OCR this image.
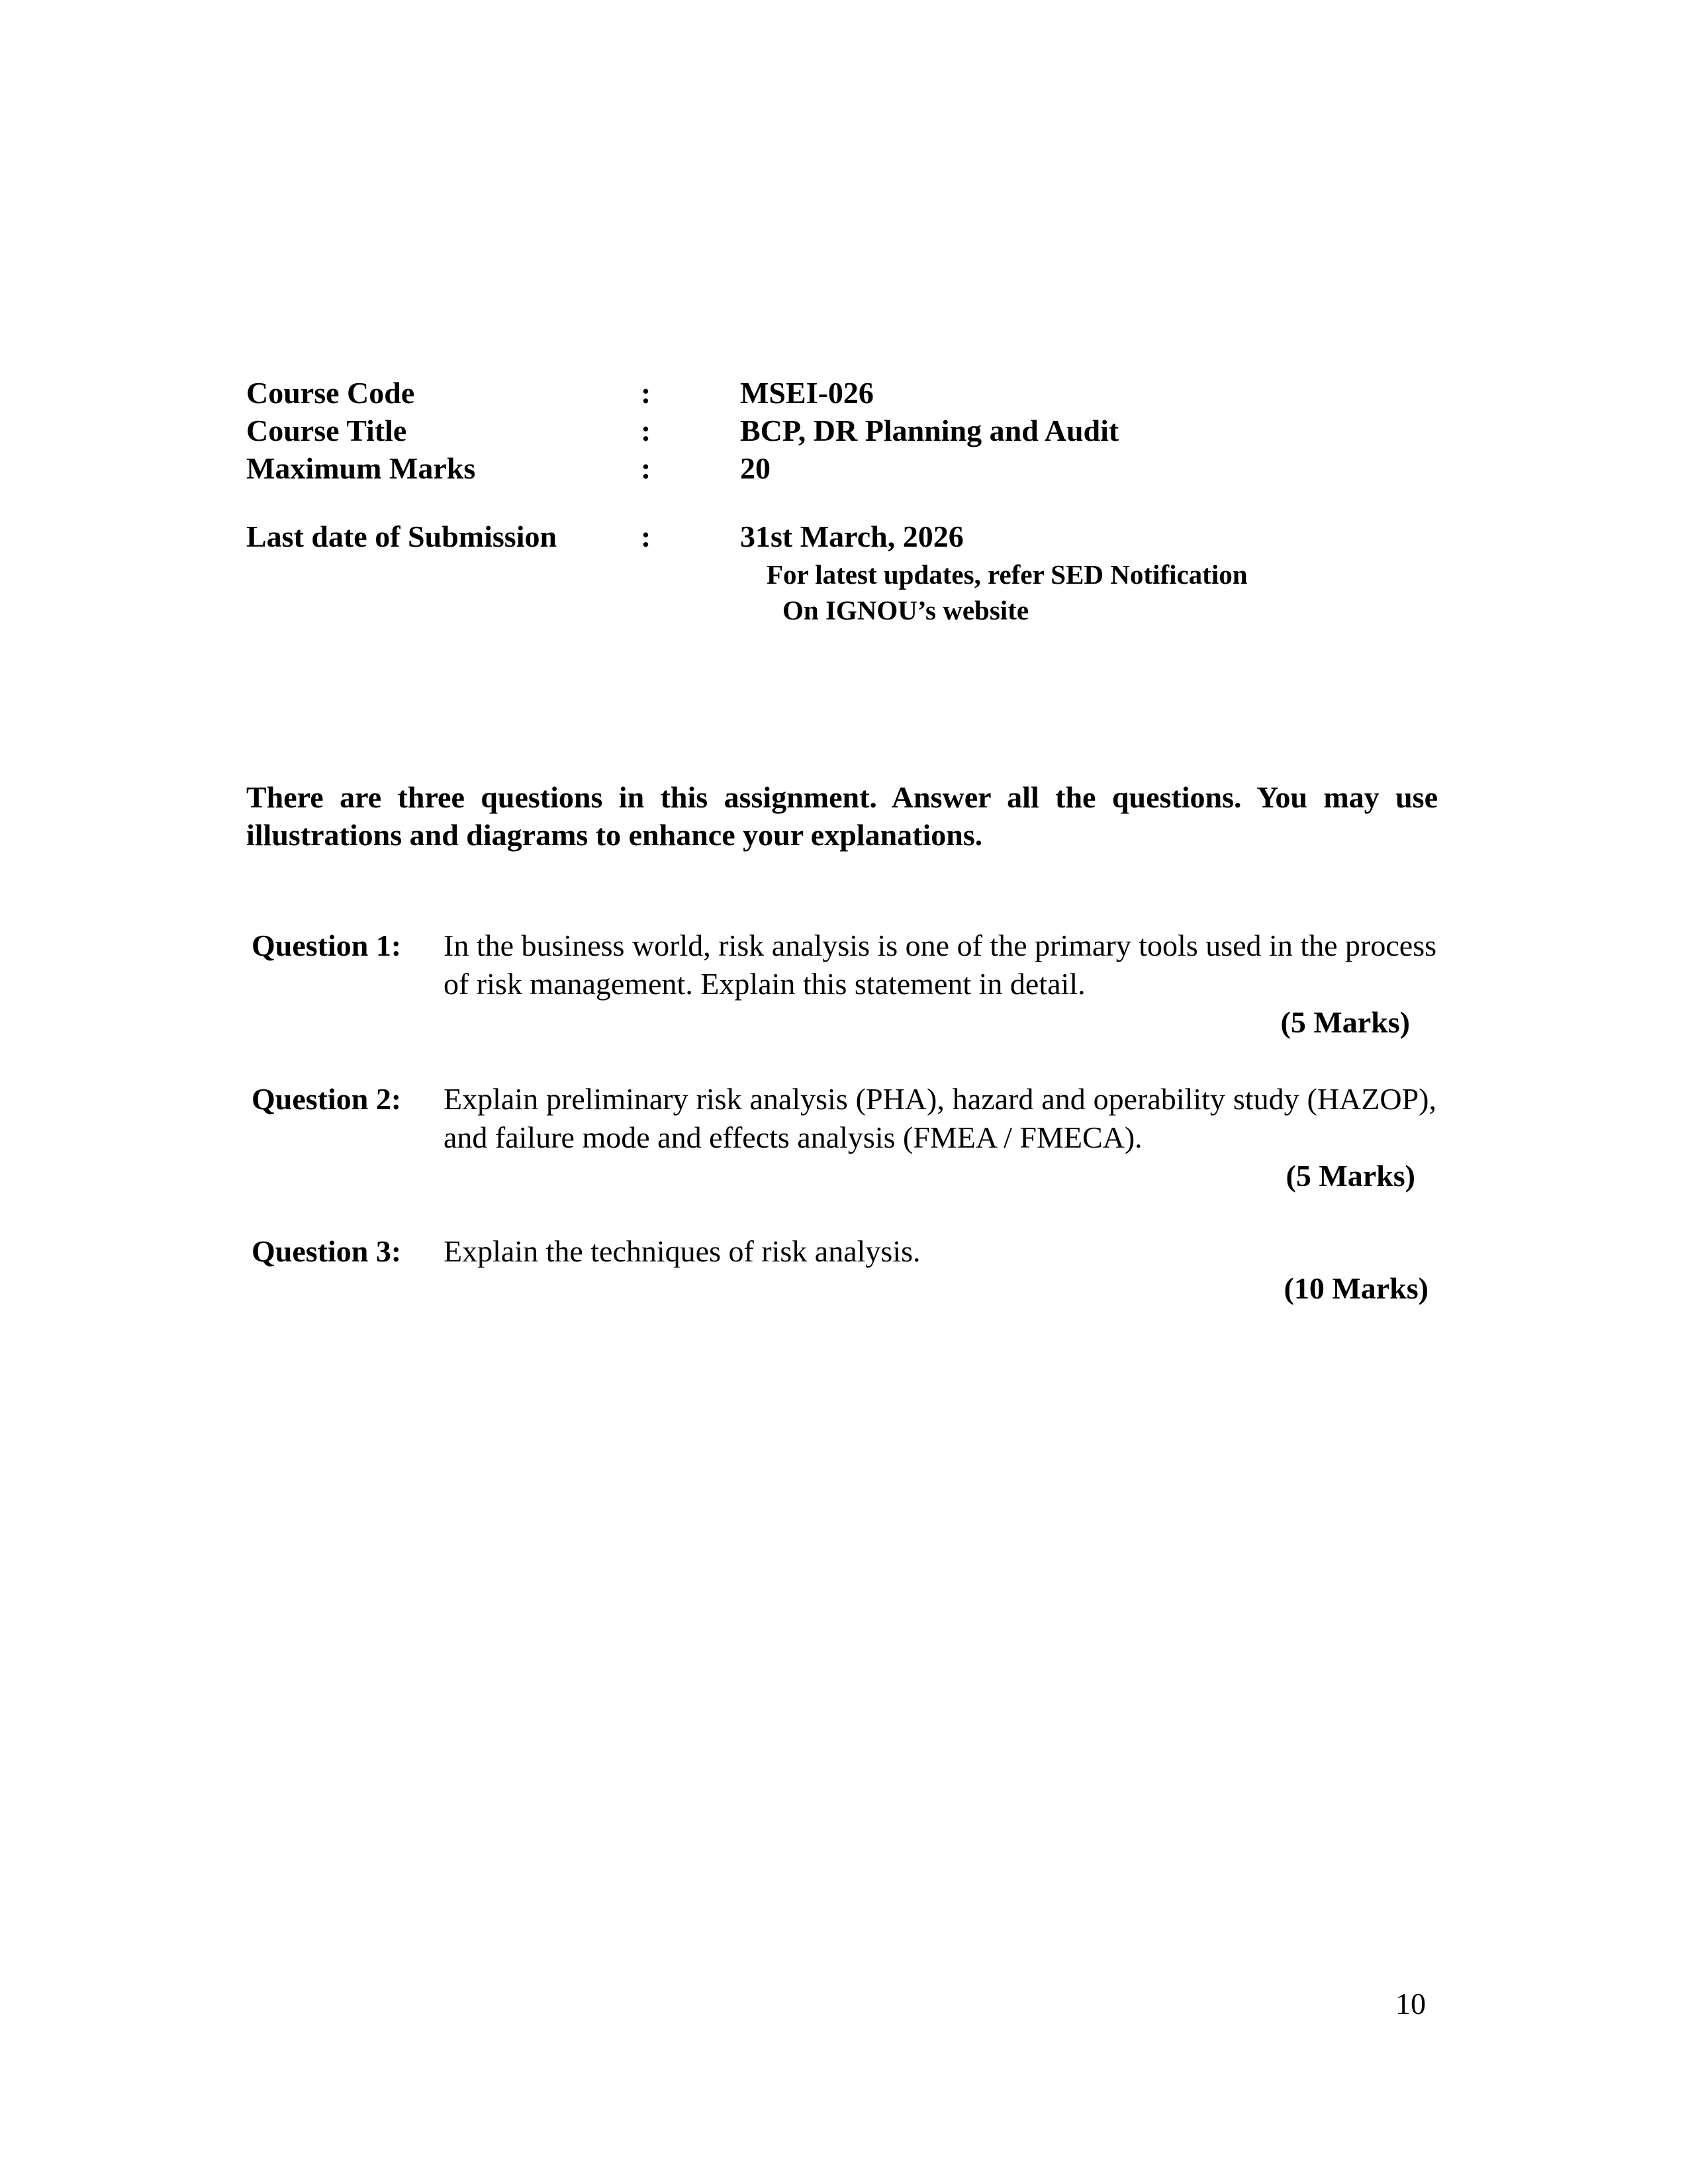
Course Code	:	MSEI-026
Course Title	:	BCP, DR Planning and Audit
Maximum Marks	:	20
Last date of Submission	:	31st March, 2026
For latest updates, refer SED Notification
On IGNOU’s website
There are three questions in this assignment. Answer all the questions. You may use illustrations and diagrams to enhance your explanations.
Question 1: In the business world, risk analysis is one of the primary tools used in the process of risk management. Explain this statement in detail.
(5 Marks)
Question 2: Explain preliminary risk analysis (PHA), hazard and operability study (HAZOP), and failure mode and effects analysis (FMEA / FMECA).
(5 Marks)
Question 3: Explain the techniques of risk analysis.
(10 Marks)
10
